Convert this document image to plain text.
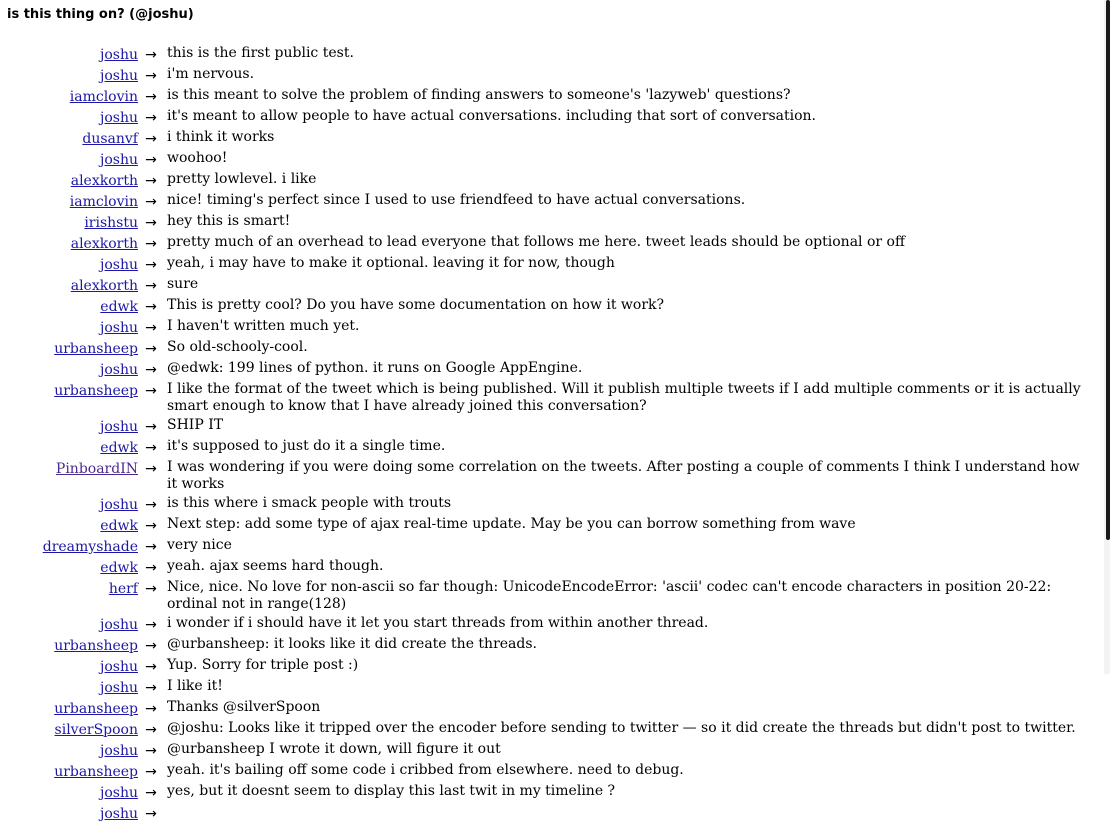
is this thing on? (@joshu)
joshu → this is the first public test.
joshu → i'm nervous.
iamclovin → is this meant to solve the problem of finding answers to someone's 'lazyweb' questions?
joshu → it's meant to allow people to have actual conversations. including that sort of conversation.
dusanvf → i think it works
joshu → woohoo!
alexkorth → pretty lowlevel. i like
iamclovin → nice! timing's perfect since I used to use friendfeed to have actual conversations.
irishstu → hey this is smart!
alexkorth → pretty much of an overhead to lead everyone that follows me here. tweet leads should be optional or off
joshu → yeah, i may have to make it optional. leaving it for now, though
alexkorth → sure
edwk → This is pretty cool? Do you have some documentation on how it work?
joshu → I haven't written much yet.
urbansheep → So old-schooly-cool.
joshu → @edwk: 199 lines of python. it runs on Google AppEngine.
urbansheep → I like the format of the tweet which is being published. Will it publish multiple tweets if I add multiple comments or it is actually smart enough to know that I have already joined this conversation?
joshu → SHIP IT
edwk → it's supposed to just do it a single time.
PinboardIN → I was wondering if you were doing some correlation on the tweets. After posting a couple of comments I think I understand how it works
joshu → is this where i smack people with trouts
edwk → Next step: add some type of ajax real-time update. May be you can borrow something from wave
dreamyshade → very nice
edwk → yeah. ajax seems hard though.
herf → Nice, nice. No love for non-ascii so far though: UnicodeEncodeError: 'ascii' codec can't encode characters in position 20-22: ordinal not in range(128)
joshu → i wonder if i should have it let you start threads from within another thread.
urbansheep → @urbansheep: it looks like it did create the threads.
joshu → Yup. Sorry for triple post :)
joshu → I like it!
urbansheep → Thanks @silverSpoon
silverSpoon → @joshu: Looks like it tripped over the encoder before sending to twitter — so it did create the threads but didn't post to twitter.
joshu → @urbansheep I wrote it down, will figure it out
urbansheep → yeah. it's bailing off some code i cribbed from elsewhere. need to debug.
joshu → yes, but it doesnt seem to display this last twit in my timeline ?
joshu →
